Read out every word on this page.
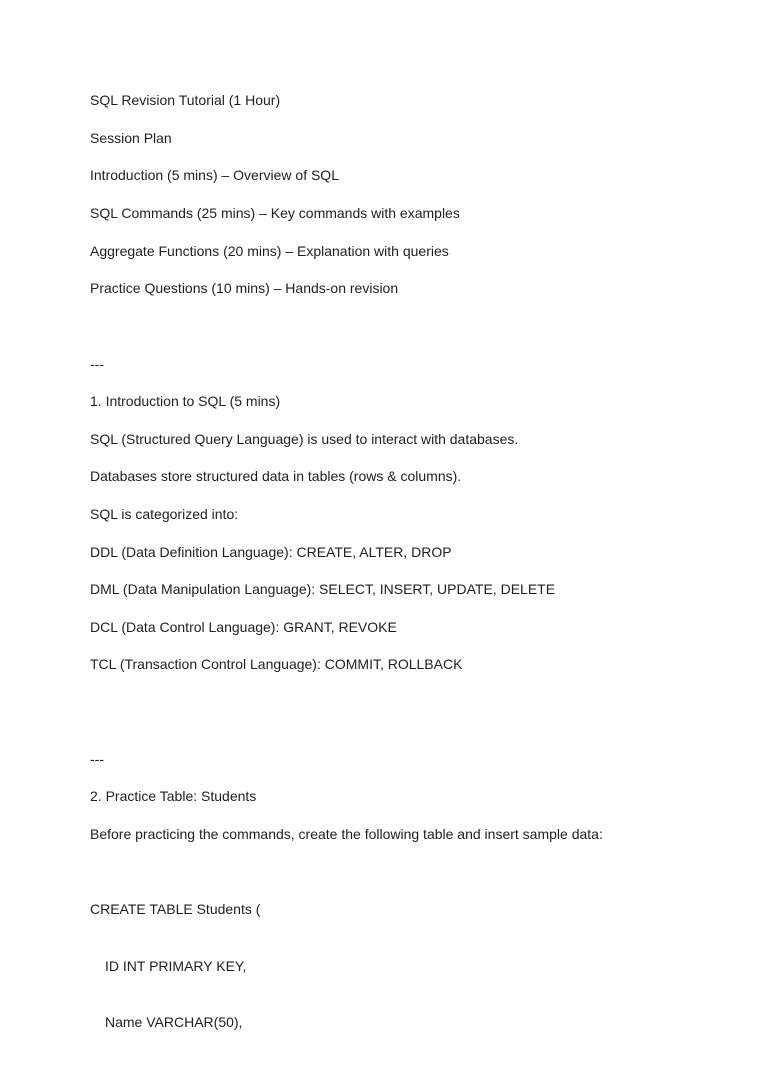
SQL Revision Tutorial (1 Hour)

Session Plan

Introduction (5 mins) – Overview of SQL

SQL Commands (25 mins) – Key commands with examples

Aggregate Functions (20 mins) – Explanation with queries

Practice Questions (10 mins) – Hands-on revision

---

1. Introduction to SQL (5 mins)

SQL (Structured Query Language) is used to interact with databases.

Databases store structured data in tables (rows & columns).

SQL is categorized into:

DDL (Data Definition Language): CREATE, ALTER, DROP

DML (Data Manipulation Language): SELECT, INSERT, UPDATE, DELETE

DCL (Data Control Language): GRANT, REVOKE

TCL (Transaction Control Language): COMMIT, ROLLBACK

---

2. Practice Table: Students

Before practicing the commands, create the following table and insert sample data:

CREATE TABLE Students (

ID INT PRIMARY KEY,

Name VARCHAR(50),
